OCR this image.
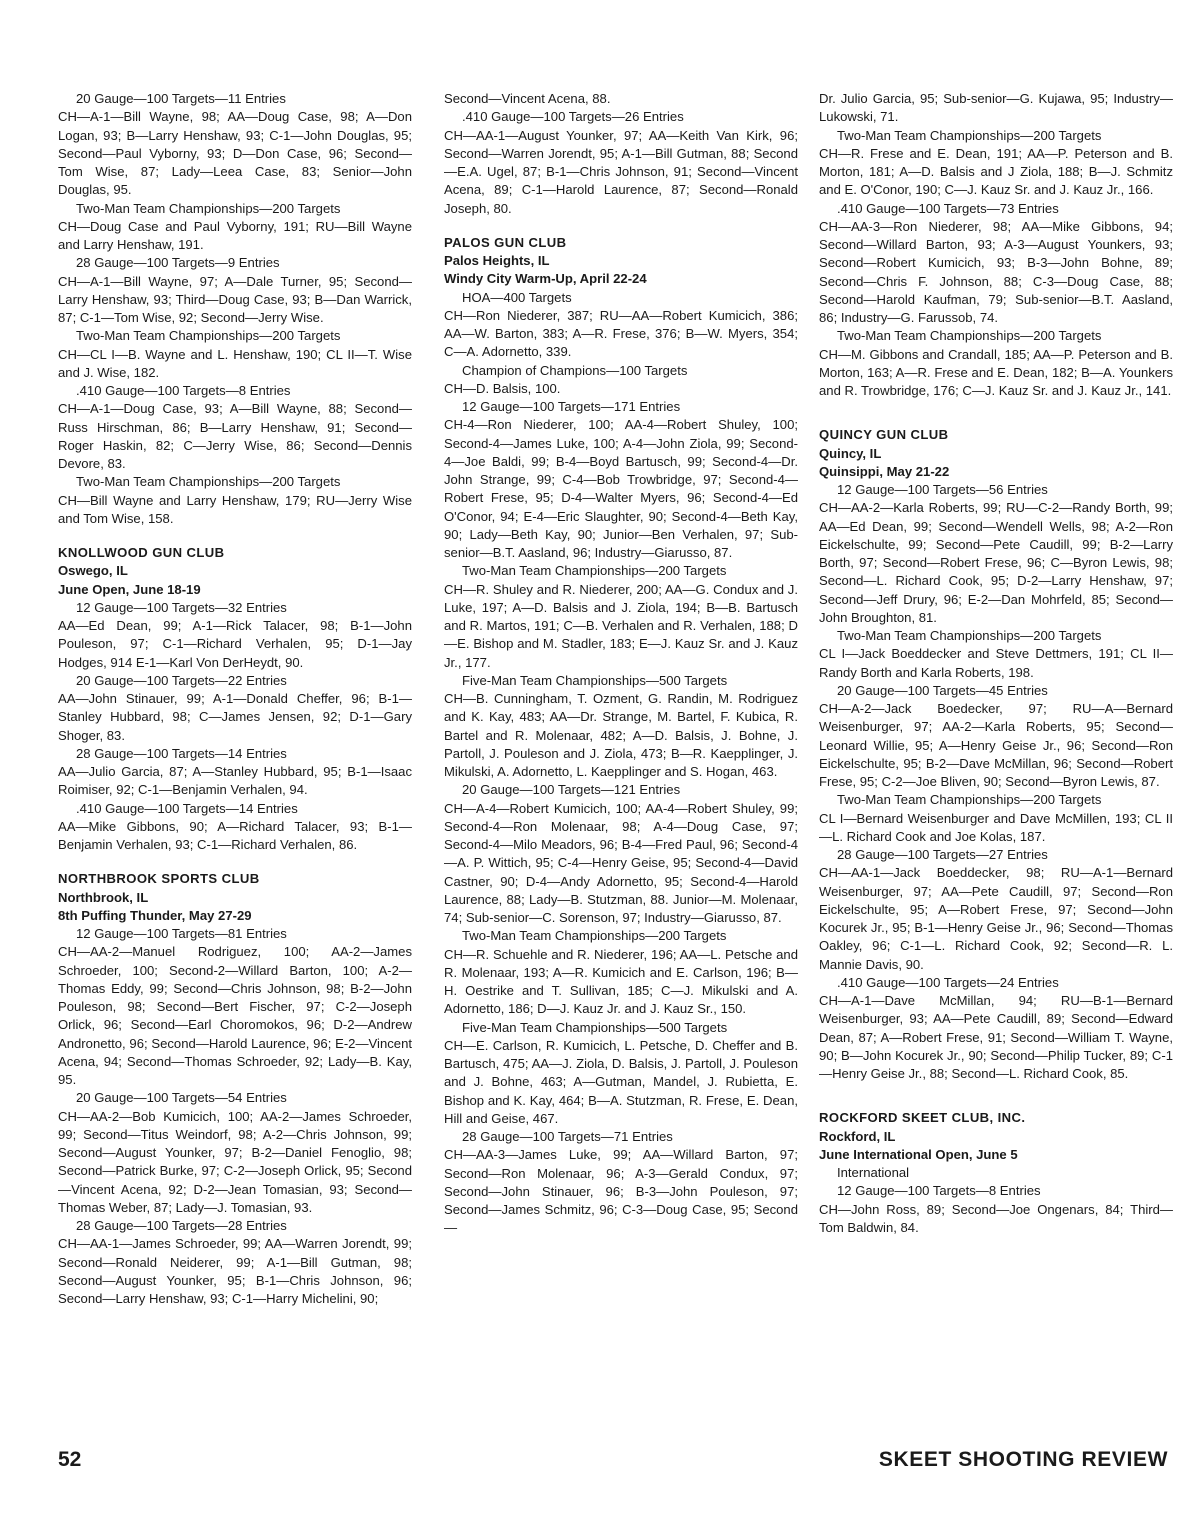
20 Gauge—100 Targets—11 Entries

CH—A-1—Bill Wayne, 98; AA—Doug Case, 98; A—Don Logan, 93; B—Larry Henshaw, 93; C-1—John Douglas, 95; Second—Paul Vyborny, 93; D—Don Case, 96; Second—Tom Wise, 87; Lady—Leea Case, 83; Senior—John Douglas, 95.

Two-Man Team Championships—200 Targets

CH—Doug Case and Paul Vyborny, 191; RU—Bill Wayne and Larry Henshaw, 191.

28 Gauge—100 Targets—9 Entries

CH—A-1—Bill Wayne, 97; A—Dale Turner, 95; Second—Larry Henshaw, 93; Third—Doug Case, 93; B—Dan Warrick, 87; C-1—Tom Wise, 92; Second—Jerry Wise.

Two-Man Team Championships—200 Targets

CH—CL I—B. Wayne and L. Henshaw, 190; CL II—T. Wise and J. Wise, 182.

.410 Gauge—100 Targets—8 Entries

CH—A-1—Doug Case, 93; A—Bill Wayne, 88; Second—Russ Hirschman, 86; B—Larry Henshaw, 91; Second—Roger Haskin, 82; C—Jerry Wise, 86; Second—Dennis Devore, 83.

Two-Man Team Championships—200 Targets

CH—Bill Wayne and Larry Henshaw, 179; RU—Jerry Wise and Tom Wise, 158.

KNOLLWOOD GUN CLUB

Oswego, IL

June Open, June 18-19

12 Gauge—100 Targets—32 Entries

AA—Ed Dean, 99; A-1—Rick Talacer, 98; B-1—John Pouleson, 97; C-1—Richard Verhalen, 95; D-1—Jay Hodges, 914 E-1—Karl Von DerHeydt, 90.

20 Gauge—100 Targets—22 Entries

AA—John Stinauer, 99; A-1—Donald Cheffer, 96; B-1—Stanley Hubbard, 98; C—James Jensen, 92; D-1—Gary Shoger, 83.

28 Gauge—100 Targets—14 Entries

AA—Julio Garcia, 87; A—Stanley Hubbard, 95; B-1—Isaac Roimiser, 92; C-1—Benjamin Verhalen, 94.

.410 Gauge—100 Targets—14 Entries

AA—Mike Gibbons, 90; A—Richard Talacer, 93; B-1—Benjamin Verhalen, 93; C-1—Richard Verhalen, 86.

NORTHBROOK SPORTS CLUB

Northbrook, IL

8th Puffing Thunder, May 27-29

12 Gauge—100 Targets—81 Entries

CH—AA-2—Manuel Rodriguez, 100; AA-2—James Schroeder, 100; Second-2—Willard Barton, 100; A-2—Thomas Eddy, 99; Second—Chris Johnson, 98; B-2—John Pouleson, 98; Second—Bert Fischer, 97; C-2—Joseph Orlick, 96; Second—Earl Choromokos, 96; D-2—Andrew Andronetto, 96; Second—Harold Laurence, 96; E-2—Vincent Acena, 94; Second—Thomas Schroeder, 92; Lady—B. Kay, 95.

20 Gauge—100 Targets—54 Entries

CH—AA-2—Bob Kumicich, 100; AA-2—James Schroeder, 99; Second—Titus Weindorf, 98; A-2—Chris Johnson, 99; Second—August Younker, 97; B-2—Daniel Fenoglio, 98; Second—Patrick Burke, 97; C-2—Joseph Orlick, 95; Second—Vincent Acena, 92; D-2—Jean Tomasian, 93; Second—Thomas Weber, 87; Lady—J. Tomasian, 93.

28 Gauge—100 Targets—28 Entries

CH—AA-1—James Schroeder, 99; AA—Warren Jorendt, 99; Second—Ronald Neiderer, 99; A-1—Bill Gutman, 98; Second—August Younker, 95; B-1—Chris Johnson, 96; Second—Larry Henshaw, 93; C-1—Harry Michelini, 90;

Second—Vincent Acena, 88.

.410 Gauge—100 Targets—26 Entries

CH—AA-1—August Younker, 97; AA—Keith Van Kirk, 96; Second—Warren Jorendt, 95; A-1—Bill Gutman, 88; Second—E.A. Ugel, 87; B-1—Chris Johnson, 91; Second—Vincent Acena, 89; C-1—Harold Laurence, 87; Second—Ronald Joseph, 80.

PALOS GUN CLUB

Palos Heights, IL

Windy City Warm-Up, April 22-24

HOA—400 Targets

CH—Ron Niederer, 387; RU—AA—Robert Kumicich, 386; AA—W. Barton, 383; A—R. Frese, 376; B—W. Myers, 354; C—A. Adornetto, 339.

Champion of Champions—100 Targets

CH—D. Balsis, 100.

12 Gauge—100 Targets—171 Entries

CH-4—Ron Niederer, 100; AA-4—Robert Shuley, 100; Second-4—James Luke, 100; A-4—John Ziola, 99; Second-4—Joe Baldi, 99; B-4—Boyd Bartusch, 99; Second-4—Dr. John Strange, 99; C-4—Bob Trowbridge, 97; Second-4—Robert Frese, 95; D-4—Walter Myers, 96; Second-4—Ed O'Conor, 94; E-4—Eric Slaughter, 90; Second-4—Beth Kay, 90; Lady—Beth Kay, 90; Junior—Ben Verhalen, 97; Sub-senior—B.T. Aasland, 96; Industry—Giarusso, 87.

Two-Man Team Championships—200 Targets

CH—R. Shuley and R. Niederer, 200; AA—G. Condux and J. Luke, 197; A—D. Balsis and J. Ziola, 194; B—B. Bartusch and R. Martos, 191; C—B. Verhalen and R. Verhalen, 188; D—E. Bishop and M. Stadler, 183; E—J. Kauz Sr. and J. Kauz Jr., 177.

Five-Man Team Championships—500 Targets

CH—B. Cunningham, T. Ozment, G. Randin, M. Rodriguez and K. Kay, 483; AA—Dr. Strange, M. Bartel, F. Kubica, R. Bartel and R. Molenaar, 482; A—D. Balsis, J. Bohne, J. Partoll, J. Pouleson and J. Ziola, 473; B—R. Kaepplinger, J. Mikulski, A. Adornetto, L. Kaepplinger and S. Hogan, 463.

20 Gauge—100 Targets—121 Entries

CH—A-4—Robert Kumicich, 100; AA-4—Robert Shuley, 99; Second-4—Ron Molenaar, 98; A-4—Doug Case, 97; Second-4—Milo Meadors, 96; B-4—Fred Paul, 96; Second-4—A. P. Wittich, 95; C-4—Henry Geise, 95; Second-4—David Castner, 90; D-4—Andy Adornetto, 95; Second-4—Harold Laurence, 88; Lady—B. Stutzman, 88. Junior—M. Molenaar, 74; Sub-senior—C. Sorenson, 97; Industry—Giarusso, 87.

Two-Man Team Championships—200 Targets

CH—R. Schuehle and R. Niederer, 196; AA—L. Petsche and R. Molenaar, 193; A—R. Kumicich and E. Carlson, 196; B—H. Oestrike and T. Sullivan, 185; C—J. Mikulski and A. Adornetto, 186; D—J. Kauz Jr. and J. Kauz Sr., 150.

Five-Man Team Championships—500 Targets

CH—E. Carlson, R. Kumicich, L. Petsche, D. Cheffer and B. Bartusch, 475; AA—J. Ziola, D. Balsis, J. Partoll, J. Pouleson and J. Bohne, 463; A—Gutman, Mandel, J. Rubietta, E. Bishop and K. Kay, 464; B—A. Stutzman, R. Frese, E. Dean, Hill and Geise, 467.

28 Gauge—100 Targets—71 Entries

CH—AA-3—James Luke, 99; AA—Willard Barton, 97; Second—Ron Molenaar, 96; A-3—Gerald Condux, 97; Second—John Stinauer, 96; B-3—John Pouleson, 97; Second—James Schmitz, 96; C-3—Doug Case, 95; Second—

Dr. Julio Garcia, 95; Sub-senior—G. Kujawa, 95; Industry—Lukowski, 71.

Two-Man Team Championships—200 Targets

CH—R. Frese and E. Dean, 191; AA—P. Peterson and B. Morton, 181; A—D. Balsis and J Ziola, 188; B—J. Schmitz and E. O'Conor, 190; C—J. Kauz Sr. and J. Kauz Jr., 166.

.410 Gauge—100 Targets—73 Entries

CH—AA-3—Ron Niederer, 98; AA—Mike Gibbons, 94; Second—Willard Barton, 93; A-3—August Younkers, 93; Second—Robert Kumicich, 93; B-3—John Bohne, 89; Second—Chris F. Johnson, 88; C-3—Doug Case, 88; Second—Harold Kaufman, 79; Sub-senior—B.T. Aasland, 86; Industry—G. Farussob, 74.

Two-Man Team Championships—200 Targets

CH—M. Gibbons and Crandall, 185; AA—P. Peterson and B. Morton, 163; A—R. Frese and E. Dean, 182; B—A. Younkers and R. Trowbridge, 176; C—J. Kauz Sr. and J. Kauz Jr., 141.

QUINCY GUN CLUB

Quincy, IL

Quinsippi, May 21-22

12 Gauge—100 Targets—56 Entries

CH—AA-2—Karla Roberts, 99; RU—C-2—Randy Borth, 99; AA—Ed Dean, 99; Second—Wendell Wells, 98; A-2—Ron Eickelschulte, 99; Second—Pete Caudill, 99; B-2—Larry Borth, 97; Second—Robert Frese, 96; C—Byron Lewis, 98; Second—L. Richard Cook, 95; D-2—Larry Henshaw, 97; Second—Jeff Drury, 96; E-2—Dan Mohrfeld, 85; Second—John Broughton, 81.

Two-Man Team Championships—200 Targets

CL I—Jack Boeddecker and Steve Dettmers, 191; CL II—Randy Borth and Karla Roberts, 198.

20 Gauge—100 Targets—45 Entries

CH—A-2—Jack Boedecker, 97; RU—A—Bernard Weisenburger, 97; AA-2—Karla Roberts, 95; Second—Leonard Willie, 95; A—Henry Geise Jr., 96; Second—Ron Eickelschulte, 95; B-2—Dave McMillan, 96; Second—Robert Frese, 95; C-2—Joe Bliven, 90; Second—Byron Lewis, 87.

Two-Man Team Championships—200 Targets

CL I—Bernard Weisenburger and Dave McMillen, 193; CL II—L. Richard Cook and Joe Kolas, 187.

28 Gauge—100 Targets—27 Entries

CH—AA-1—Jack Boeddecker, 98; RU—A-1—Bernard Weisenburger, 97; AA—Pete Caudill, 97; Second—Ron Eickelschulte, 95; A—Robert Frese, 97; Second—John Kocurek Jr., 95; B-1—Henry Geise Jr., 96; Second—Thomas Oakley, 96; C-1—L. Richard Cook, 92; Second—R. L. Mannie Davis, 90.

.410 Gauge—100 Targets—24 Entries

CH—A-1—Dave McMillan, 94; RU—B-1—Bernard Weisenburger, 93; AA—Pete Caudill, 89; Second—Edward Dean, 87; A—Robert Frese, 91; Second—William T. Wayne, 90; B—John Kocurek Jr., 90; Second—Philip Tucker, 89; C-1—Henry Geise Jr., 88; Second—L. Richard Cook, 85.

ROCKFORD SKEET CLUB, INC.

Rockford, IL

June International Open, June 5

International

12 Gauge—100 Targets—8 Entries

CH—John Ross, 89; Second—Joe Ongenars, 84; Third—Tom Baldwin, 84.

52	SKEET SHOOTING REVIEW
